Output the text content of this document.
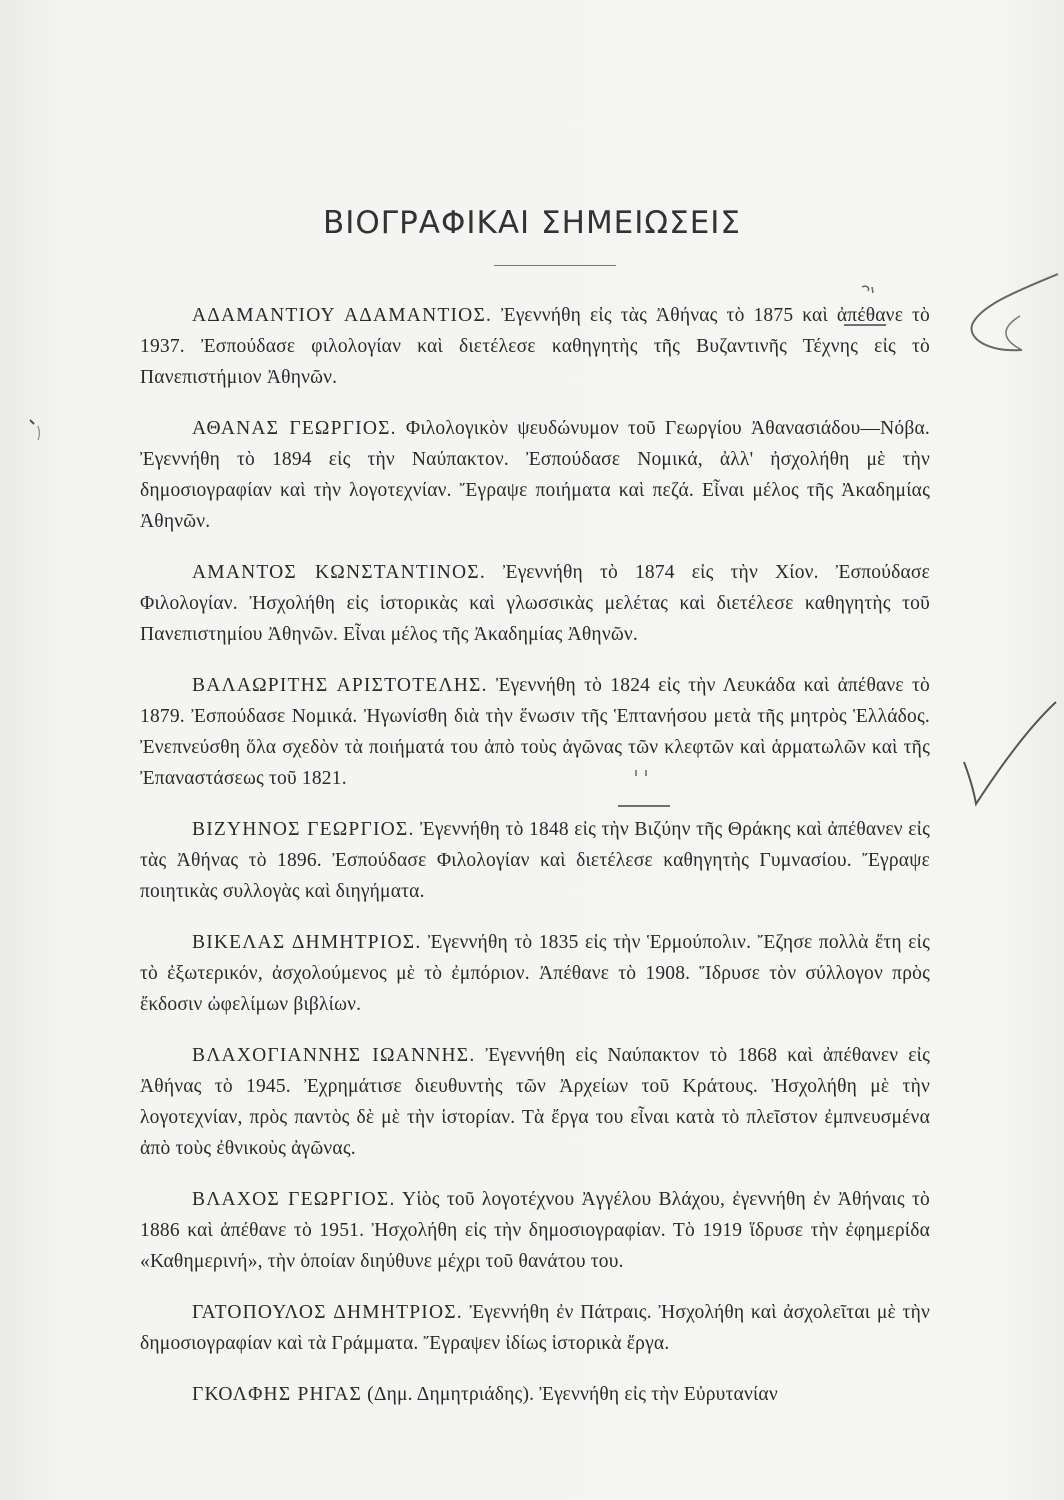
ΒΙΟΓΡΑΦΙΚΑΙ ΣΗΜΕΙΩΣΕΙΣ

ΑΔΑΜΑΝΤΙΟΥ ΑΔΑΜΑΝΤΙΟΣ. Ἐγεννήθη εἰς τὰς Ἀθήνας τὸ 1875 καὶ ἀπέθανε τὸ 1937. Ἐσπούδασε φιλολογίαν καὶ διετέλεσε καθηγητὴς τῆς Βυζαντινῆς Τέχνης εἰς τὸ Πανεπιστήμιον Ἀθηνῶν.

ΑΘΑΝΑΣ ΓΕΩΡΓΙΟΣ. Φιλολογικὸν ψευδώνυμον τοῦ Γεωργίου Ἀθανασιάδου—Νόβα. Ἐγεννήθη τὸ 1894 εἰς τὴν Ναύπακτον. Ἐσπούδασε Νομικά, ἀλλ' ἠσχολήθη μὲ τὴν δημοσιογραφίαν καὶ τὴν λογοτεχνίαν. Ἔγραψε ποιήματα καὶ πεζά. Εἶναι μέλος τῆς Ἀκαδημίας Ἀθηνῶν.

ΑΜΑΝΤΟΣ ΚΩΝΣΤΑΝΤΙΝΟΣ. Ἐγεννήθη τὸ 1874 εἰς τὴν Χίον. Ἐσπούδασε Φιλολογίαν. Ἠσχολήθη εἰς ἱστορικὰς καὶ γλωσσικὰς μελέτας καὶ διετέλεσε καθηγητὴς τοῦ Πανεπιστημίου Ἀθηνῶν. Εἶναι μέλος τῆς Ἀκαδημίας Ἀθηνῶν.

ΒΑΛΑΩΡΙΤΗΣ ΑΡΙΣΤΟΤΕΛΗΣ. Ἐγεννήθη τὸ 1824 εἰς τὴν Λευκάδα καὶ ἀπέθανε τὸ 1879. Ἐσπούδασε Νομικά. Ἠγωνίσθη διὰ τὴν ἕνωσιν τῆς Ἑπτανήσου μετὰ τῆς μητρὸς Ἑλλάδος. Ἐνεπνεύσθη ὅλα σχεδὸν τὰ ποιήματά του ἀπὸ τοὺς ἀγῶνας τῶν κλεφτῶν καὶ ἁρματωλῶν καὶ τῆς Ἐπαναστάσεως τοῦ 1821.

ΒΙΖΥΗΝΟΣ ΓΕΩΡΓΙΟΣ. Ἐγεννήθη τὸ 1848 εἰς τὴν Βιζύην τῆς Θράκης καὶ ἀπέθανεν εἰς τὰς Ἀθήνας τὸ 1896. Ἐσπούδασε Φιλολογίαν καὶ διετέλεσε καθηγητὴς Γυμνασίου. Ἔγραψε ποιητικὰς συλλογὰς καὶ διηγήματα.

ΒΙΚΕΛΑΣ ΔΗΜΗΤΡΙΟΣ. Ἐγεννήθη τὸ 1835 εἰς τὴν Ἑρμούπολιν. Ἔζησε πολλὰ ἔτη εἰς τὸ ἐξωτερικόν, ἀσχολούμενος μὲ τὸ ἐμπόριον. Ἀπέθανε τὸ 1908. Ἵδρυσε τὸν σύλλογον πρὸς ἔκδοσιν ὠφελίμων βιβλίων.

ΒΛΑΧΟΓΙΑΝΝΗΣ ΙΩΑΝΝΗΣ. Ἐγεννήθη εἰς Ναύπακτον τὸ 1868 καὶ ἀπέθανεν εἰς Ἀθήνας τὸ 1945. Ἐχρημάτισε διευθυντὴς τῶν Ἀρχείων τοῦ Κράτους. Ἠσχολήθη μὲ τὴν λογοτεχνίαν, πρὸς παντὸς δὲ μὲ τὴν ἱστορίαν. Τὰ ἔργα του εἶναι κατὰ τὸ πλεῖστον ἐμπνευσμένα ἀπὸ τοὺς ἐθνικοὺς ἀγῶνας.

ΒΛΑΧΟΣ ΓΕΩΡΓΙΟΣ. Υἱὸς τοῦ λογοτέχνου Ἀγγέλου Βλάχου, ἐγεννήθη ἐν Ἀθήναις τὸ 1886 καὶ ἀπέθανε τὸ 1951. Ἠσχολήθη εἰς τὴν δημοσιογραφίαν. Τὸ 1919 ἵδρυσε τὴν ἐφημερίδα «Καθημερινή», τὴν ὁποίαν διηύθυνε μέχρι τοῦ θανάτου του.

ΓΑΤΟΠΟΥΛΟΣ ΔΗΜΗΤΡΙΟΣ. Ἐγεννήθη ἐν Πάτραις. Ἠσχολήθη καὶ ἀσχολεῖται μὲ τὴν δημοσιογραφίαν καὶ τὰ Γράμματα. Ἔγραψεν ἰδίως ἱστορικὰ ἔργα.

ΓΚΟΛΦΗΣ ΡΗΓΑΣ (Δημ. Δημητριάδης). Ἐγεννήθη εἰς τὴν Εὐρυτανίαν
